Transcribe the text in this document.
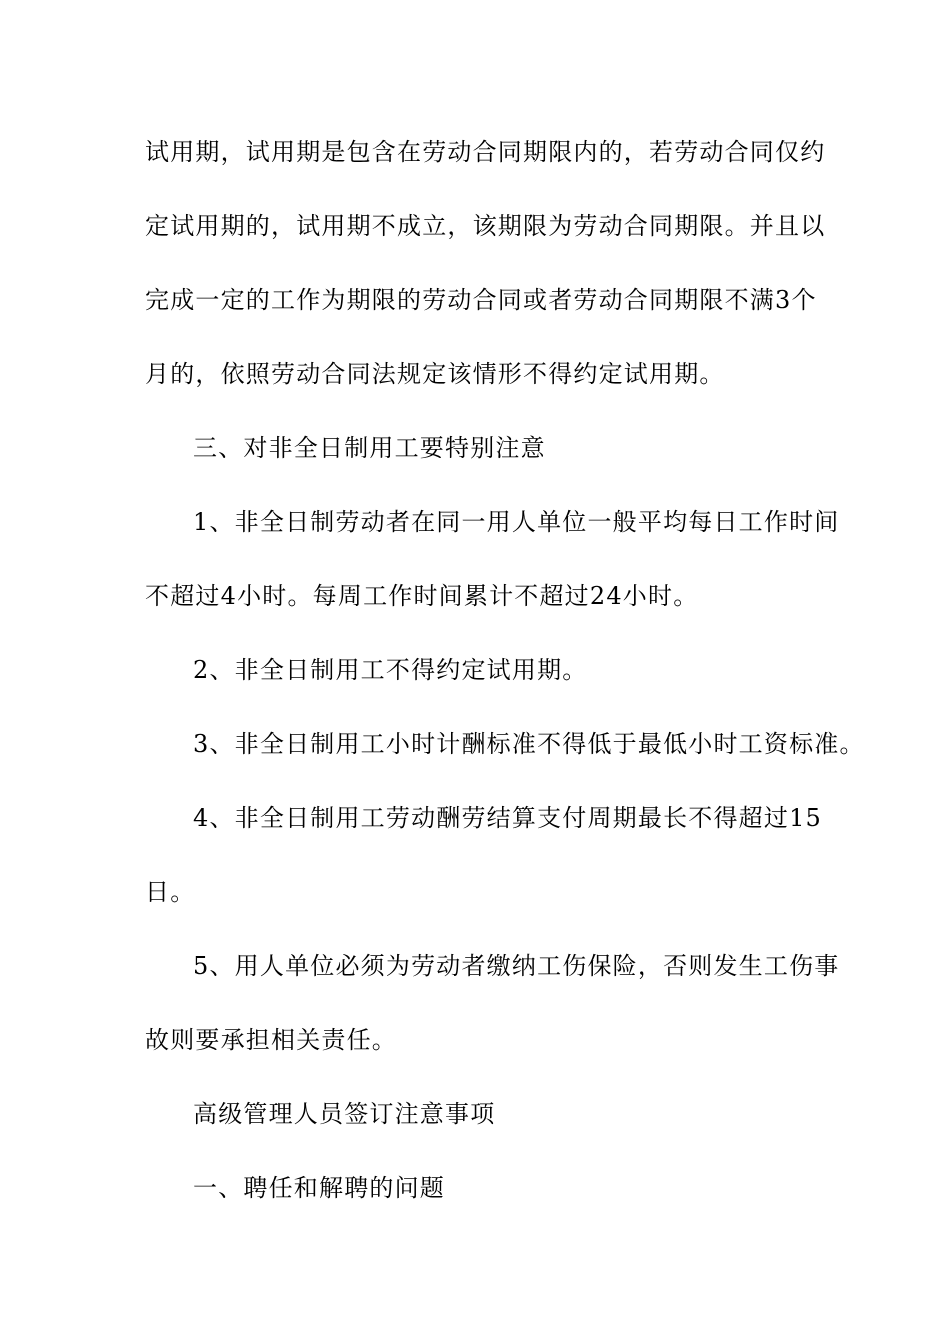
试用期，试用期是包含在劳动合同期限内的，若劳动合同仅约
定试用期的，试用期不成立，该期限为劳动合同期限。并且以
完成一定的工作为期限的劳动合同或者劳动合同期限不满3个
月的，依照劳动合同法规定该情形不得约定试用期。
三、对非全日制用工要特别注意
1、非全日制劳动者在同一用人单位一般平均每日工作时间
不超过4小时。每周工作时间累计不超过24小时。
2、非全日制用工不得约定试用期。
3、非全日制用工小时计酬标准不得低于最低小时工资标准。
4、非全日制用工劳动酬劳结算支付周期最长不得超过15
日。
5、用人单位必须为劳动者缴纳工伤保险，否则发生工伤事
故则要承担相关责任。
高级管理人员签订注意事项
一、聘任和解聘的问题
